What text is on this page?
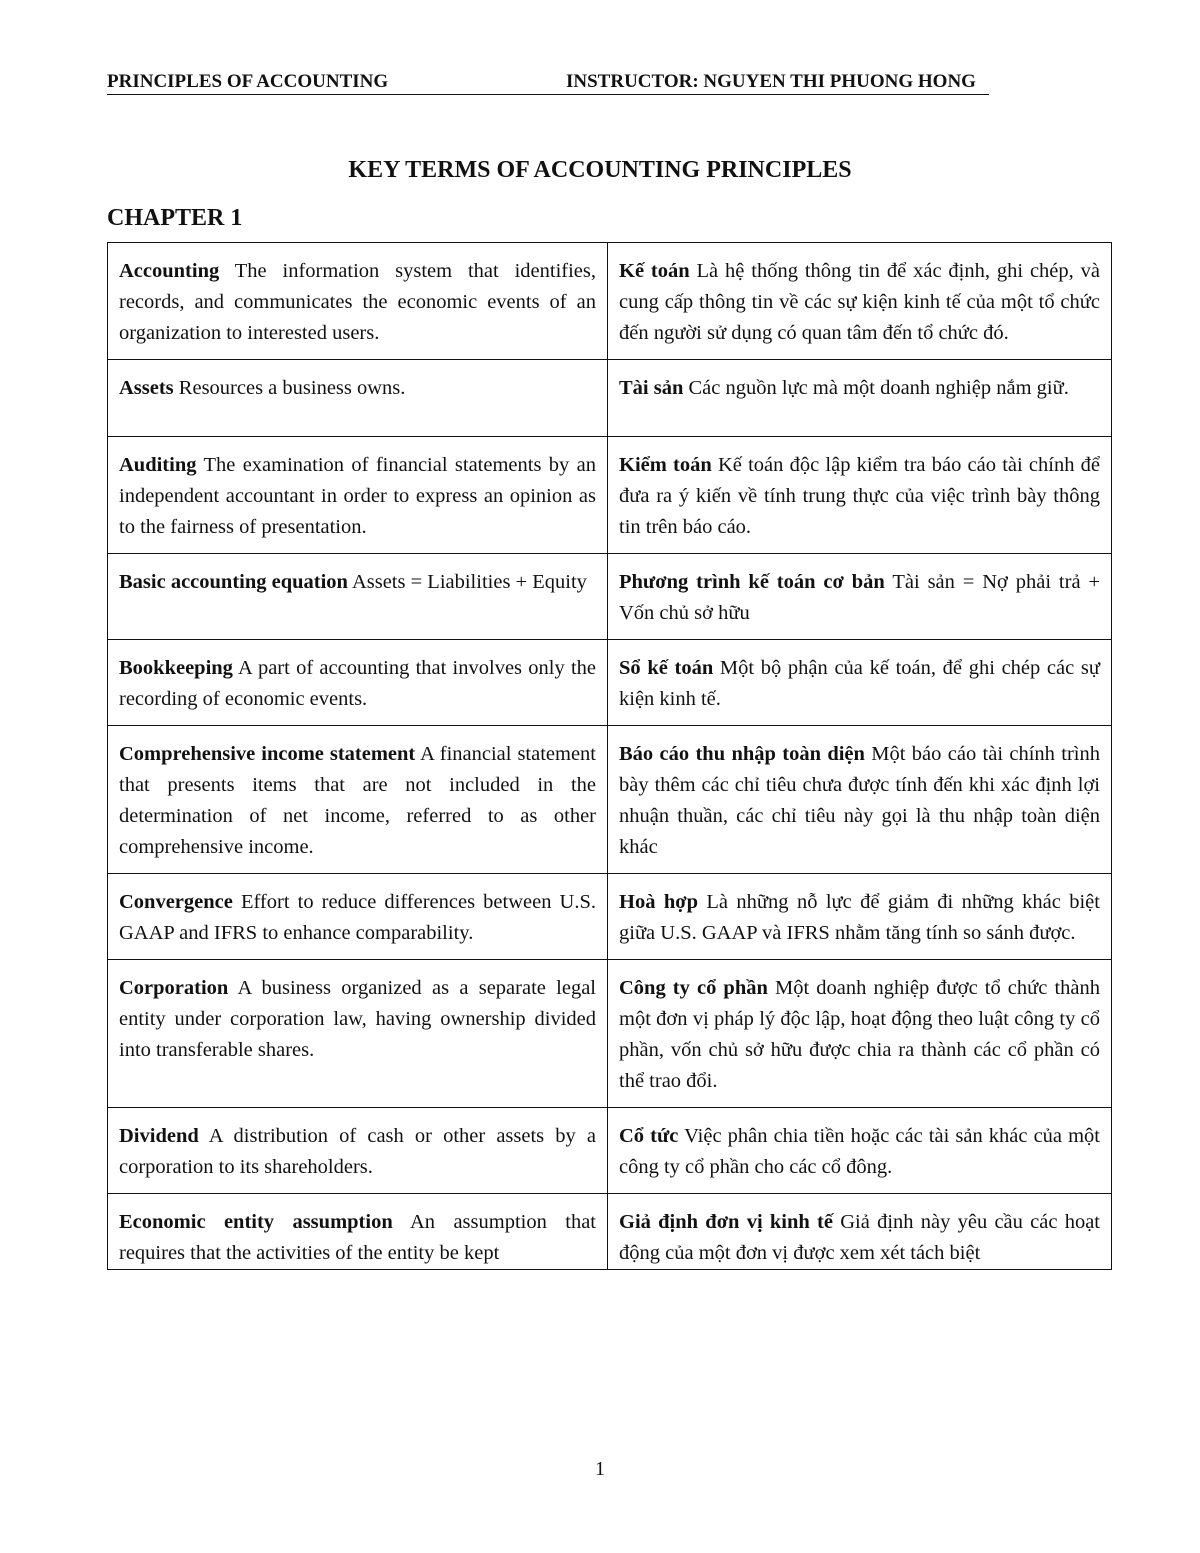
PRINCIPLES OF ACCOUNTING	INSTRUCTOR: NGUYEN THI PHUONG HONG
KEY TERMS OF ACCOUNTING PRINCIPLES
CHAPTER 1
Accounting The information system that identifies, records, and communicates the economic events of an organization to interested users.	Kế toán Là hệ thống thông tin để xác định, ghi chép, và cung cấp thông tin về các sự kiện kinh tế của một tổ chức đến người sử dụng có quan tâm đến tổ chức đó.
Assets Resources a business owns.	Tài sản Các nguồn lực mà một doanh nghiệp nắm giữ.
Auditing The examination of financial statements by an independent accountant in order to express an opinion as to the fairness of presentation.	Kiểm toán Kế toán độc lập kiểm tra báo cáo tài chính để đưa ra ý kiến về tính trung thực của việc trình bày thông tin trên báo cáo.
Basic accounting equation Assets = Liabilities + Equity	Phương trình kế toán cơ bản Tài sản = Nợ phải trả + Vốn chủ sở hữu
Bookkeeping A part of accounting that involves only the recording of economic events.	Sổ kế toán Một bộ phận của kế toán, để ghi chép các sự kiện kinh tế.
Comprehensive income statement A financial statement that presents items that are not included in the determination of net income, referred to as other comprehensive income.	Báo cáo thu nhập toàn diện Một báo cáo tài chính trình bày thêm các chỉ tiêu chưa được tính đến khi xác định lợi nhuận thuần, các chỉ tiêu này gọi là thu nhập toàn diện khác
Convergence Effort to reduce differences between U.S. GAAP and IFRS to enhance comparability.	Hoà hợp Là những nỗ lực để giảm đi những khác biệt giữa U.S. GAAP và IFRS nhằm tăng tính so sánh được.
Corporation A business organized as a separate legal entity under corporation law, having ownership divided into transferable shares.	Công ty cổ phần Một doanh nghiệp được tổ chức thành một đơn vị pháp lý độc lập, hoạt động theo luật công ty cổ phần, vốn chủ sở hữu được chia ra thành các cổ phần có thể trao đổi.
Dividend A distribution of cash or other assets by a corporation to its shareholders.	Cổ tức Việc phân chia tiền hoặc các tài sản khác của một công ty cổ phần cho các cổ đông.

Economic entity assumption An assumption that requires that the activities of the entity be kept	Giả định đơn vị kinh tế Giả định này yêu cầu các hoạt động của một đơn vị được xem xét tách biệt
1
